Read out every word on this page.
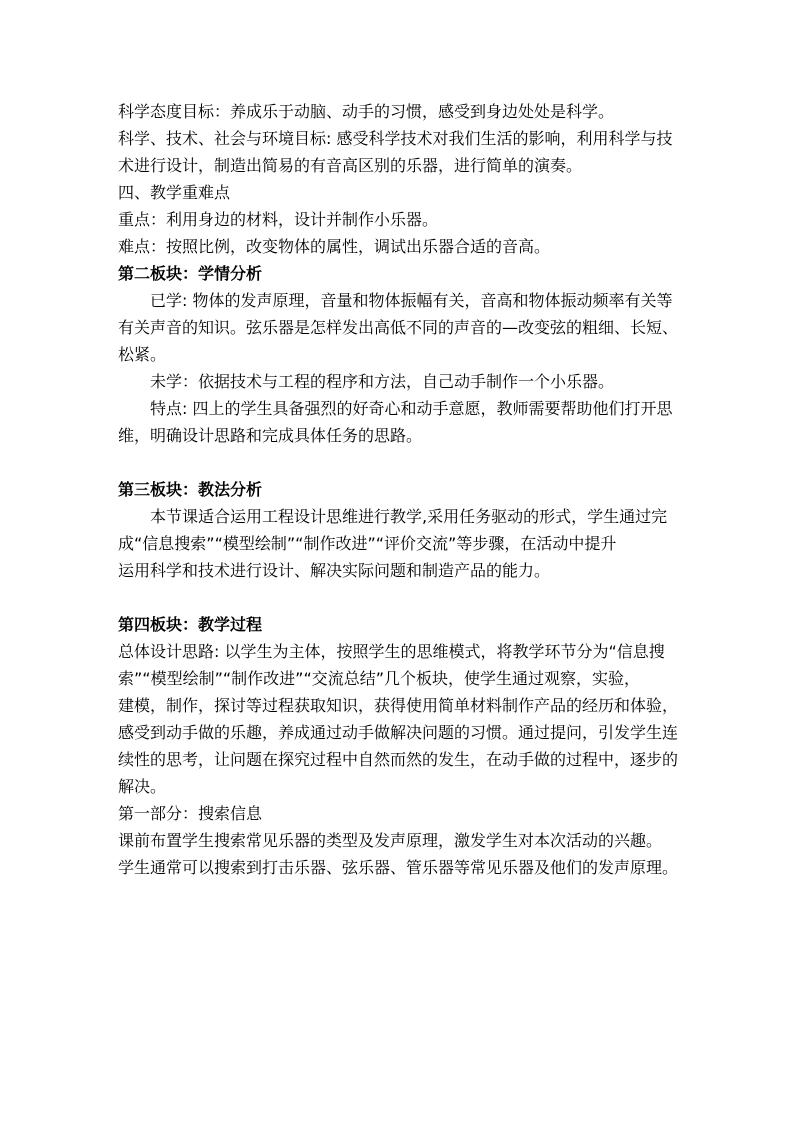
科学态度目标：养成乐于动脑、动手的习惯，感受到身边处处是科学。
科学、技术、社会与环境目标: 感受科学技术对我们生活的影响，利用科学与技
术进行设计，制造出简易的有音高区别的乐器，进行简单的演奏。
四、教学重难点
重点：利用身边的材料，设计并制作小乐器。
难点：按照比例，改变物体的属性，调试出乐器合适的音高。
第二板块：学情分析
已学: 物体的发声原理，音量和物体振幅有关，音高和物体振动频率有关等
有关声音的知识。弦乐器是怎样发出高低不同的声音的—改变弦的粗细、长短、
松紧。
未学：依据技术与工程的程序和方法，自己动手制作一个小乐器。
特点: 四上的学生具备强烈的好奇心和动手意愿，教师需要帮助他们打开思
维，明确设计思路和完成具体任务的思路。
第三板块：教法分析
本节课适合运用工程设计思维进行教学,采用任务驱动的形式，学生通过完
成“信息搜索”“模型绘制”“制作改进”“评价交流”等步骤，在活动中提升
运用科学和技术进行设计、解决实际问题和制造产品的能力。
第四板块：教学过程
总体设计思路: 以学生为主体，按照学生的思维模式，将教学环节分为“信息搜
索”“模型绘制”“制作改进”“交流总结”几个板块，使学生通过观察，实验，
建模，制作，探讨等过程获取知识，获得使用简单材料制作产品的经历和体验，
感受到动手做的乐趣，养成通过动手做解决问题的习惯。通过提问，引发学生连
续性的思考，让问题在探究过程中自然而然的发生，在动手做的过程中，逐步的
解决。
第一部分：搜索信息
课前布置学生搜索常见乐器的类型及发声原理，激发学生对本次活动的兴趣。
学生通常可以搜索到打击乐器、弦乐器、管乐器等常见乐器及他们的发声原理。
